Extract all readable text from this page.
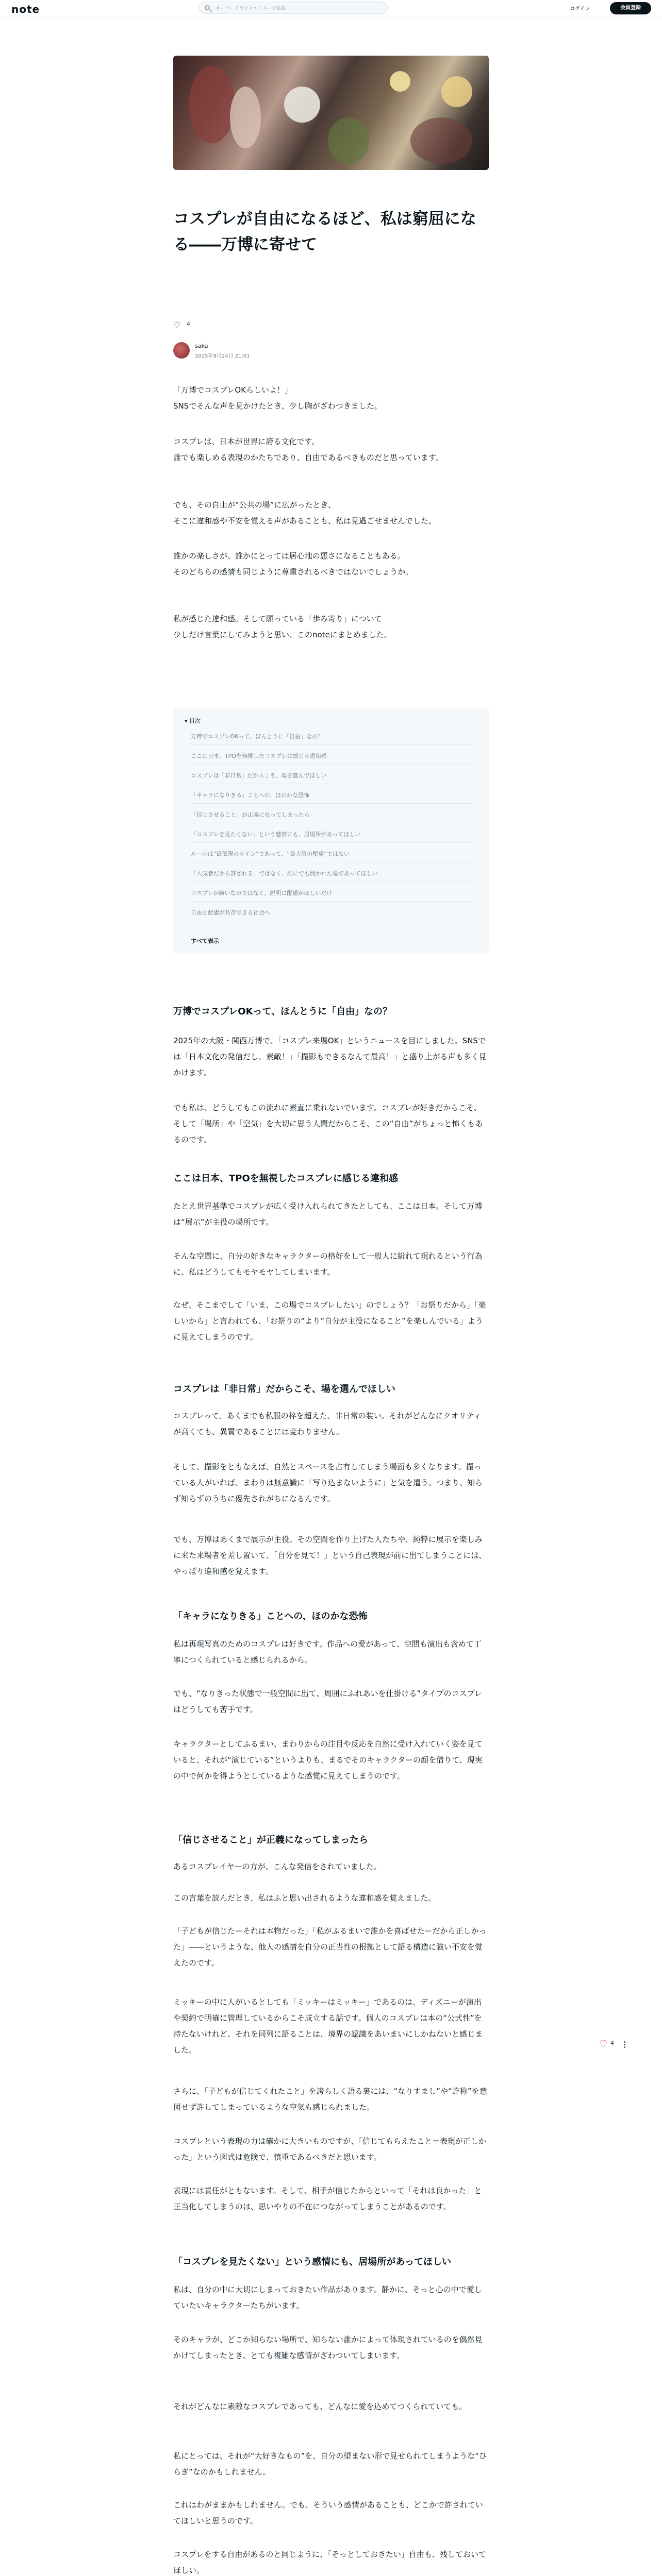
note	キーワードやクリエイターで検索	ログイン	会員登録
コスプレが自由になるほど、私は窮屈になる――万博に寄せて
♡
4
saku
2025年9月24日 21:01
「万博でコスプレOKらしいよ！」
SNSでそんな声を見かけたとき、少し胸がざわつきました。
コスプレは、日本が世界に誇る文化です。
誰でも楽しめる表現のかたちであり、自由であるべきものだと思っています。
でも、その自由が“公共の場”に広がったとき、
そこに違和感や不安を覚える声があることも、私は見過ごせませんでした。
誰かの楽しさが、誰かにとっては居心地の悪さになることもある。
そのどちらの感情も同じように尊重されるべきではないでしょうか。
私が感じた違和感。そして願っている「歩み寄り」について
少しだけ言葉にしてみようと思い、このnoteにまとめました。
▾ 目次
万博でコスプレOKって、ほんとうに「自由」なの？
ここは日本、TPOを無視したコスプレに感じる違和感
コスプレは「非日常」だからこそ、場を選んでほしい
「キャラになりきる」ことへの、ほのかな恐怖
「信じさせること」が正義になってしまったら
「コスプレを見たくない」という感情にも、居場所があってほしい
ルールは“最低限のライン”であって、“最大限の配慮”ではない
「人気者だから許される」ではなく、誰にでも開かれた場であってほしい
コスプレが嫌いなのではなく、説明に配慮がほしいだけ
自由と配慮が共存できる社会へ
すべて表示
万博でコスプレOKって、ほんとうに「自由」なの？
2025年の大阪・関西万博で、「コスプレ来場OK」というニュースを目にしました。SNSでは「日本文化の発信だし、素敵！」「撮影もできるなんて最高！」と盛り上がる声も多く見かけます。
でも私は、どうしてもこの流れに素直に乗れないでいます。コスプレが好きだからこそ、そして「場所」や「空気」を大切に思う人間だからこそ、この“自由”がちょっと怖くもあるのです。
ここは日本、TPOを無視したコスプレに感じる違和感
たとえ世界基準でコスプレが広く受け入れられてきたとしても、ここは日本。そして万博は“展示”が主役の場所です。
そんな空間に、自分の好きなキャラクターの格好をして一般人に紛れて現れるという行為に、私はどうしてもモヤモヤしてしまいます。
なぜ、そこまでして「いま、この場でコスプレしたい」のでしょう？「お祭りだから」「楽しいから」と言われても、「お祭りの“より”自分が主役になること”を楽しんでいる」ように見えてしまうのです。
コスプレは「非日常」だからこそ、場を選んでほしい
コスプレって、あくまでも私服の枠を超えた、非日常の装い。それがどんなにクオリティが高くても、異質であることには変わりません。
そして、撮影をともなえば、自然とスペースを占有してしまう場面も多くなります。撮っている人がいれば、まわりは無意識に「写り込まないように」と気を遣う。つまり、知らず知らずのうちに優先されがちになるんです。
でも、万博はあくまで展示が主役。その空間を作り上げた人たちや、純粋に展示を楽しみに来た来場者を差し置いて、「自分を見て！」という自己表現が前に出てしまうことには、やっぱり違和感を覚えます。
「キャラになりきる」ことへの、ほのかな恐怖
私は再現写真のためのコスプレは好きです。作品への愛があって、空間も演出も含めて丁寧につくられていると感じられるから。
でも、“なりきった状態で一般空間に出て、周囲にふれあいを仕掛ける”タイプのコスプレはどうしても苦手です。
キャラクターとしてふるまい、まわりからの注目や反応を自然に受け入れていく姿を見ていると、それが“演じている”というよりも、まるでそのキャラクターの顔を借りて、現実の中で何かを得ようとしているような感覚に見えてしまうのです。
「信じさせること」が正義になってしまったら
あるコスプレイヤーの方が、こんな発信をされていました。
この言葉を読んだとき、私はふと思い出されるような違和感を覚えました。
「子どもが信じたーそれは本物だった」「私がふるまいで誰かを喜ばせたーだから正しかった」――というような、他人の感情を自分の正当性の根拠として語る構造に強い不安を覚えたのです。
ミッキーの中に人がいるとしても「ミッキーはミッキー」であるのは、ディズニーが演出や契約で明確に管理しているからこそ成立する話です。個人のコスプレは本の“公式性”を持たないけれど、それを同列に語ることは、境界の認識をあいまいにしかねないと感じました。
さらに、「子どもが信じてくれたこと」を誇らしく語る裏には、“なりすまし”や“詐称”を意図せず許してしまっているような空気も感じられました。
コスプレという表現の力は確かに大きいものですが、「信じてもらえたこと＝表現が正しかった」という図式は危険で、慎重であるべきだと思います。
表現には責任がともないます。そして、相手が信じたからといって「それは良かった」と正当化してしまうのは、思いやりの不在につながってしまうことがあるのです。
「コスプレを見たくない」という感情にも、居場所があってほしい
私は、自分の中に大切にしまっておきたい作品があります。静かに、そっと心の中で愛していたいキャラクターたちがいます。
そのキャラが、どこか知らない場所で、知らない誰かによって体現されているのを偶然見かけてしまったとき、とても複雑な感情がざわついてしまいます。
それがどんなに素敵なコスプレであっても、どんなに愛を込めてつくられていても。
私にとっては、それが“大好きなもの”を、自分の望まない形で見せられてしまうような“ひらぎ”なのかもしれません。
これはわがままかもしれません。でも、そういう感情があることも、どこかで許されていてほしいと思うのです。
コスプレをする自由があるのと同じように、「そっとしておきたい」自由も、残しておいてほしい。
♡
4
